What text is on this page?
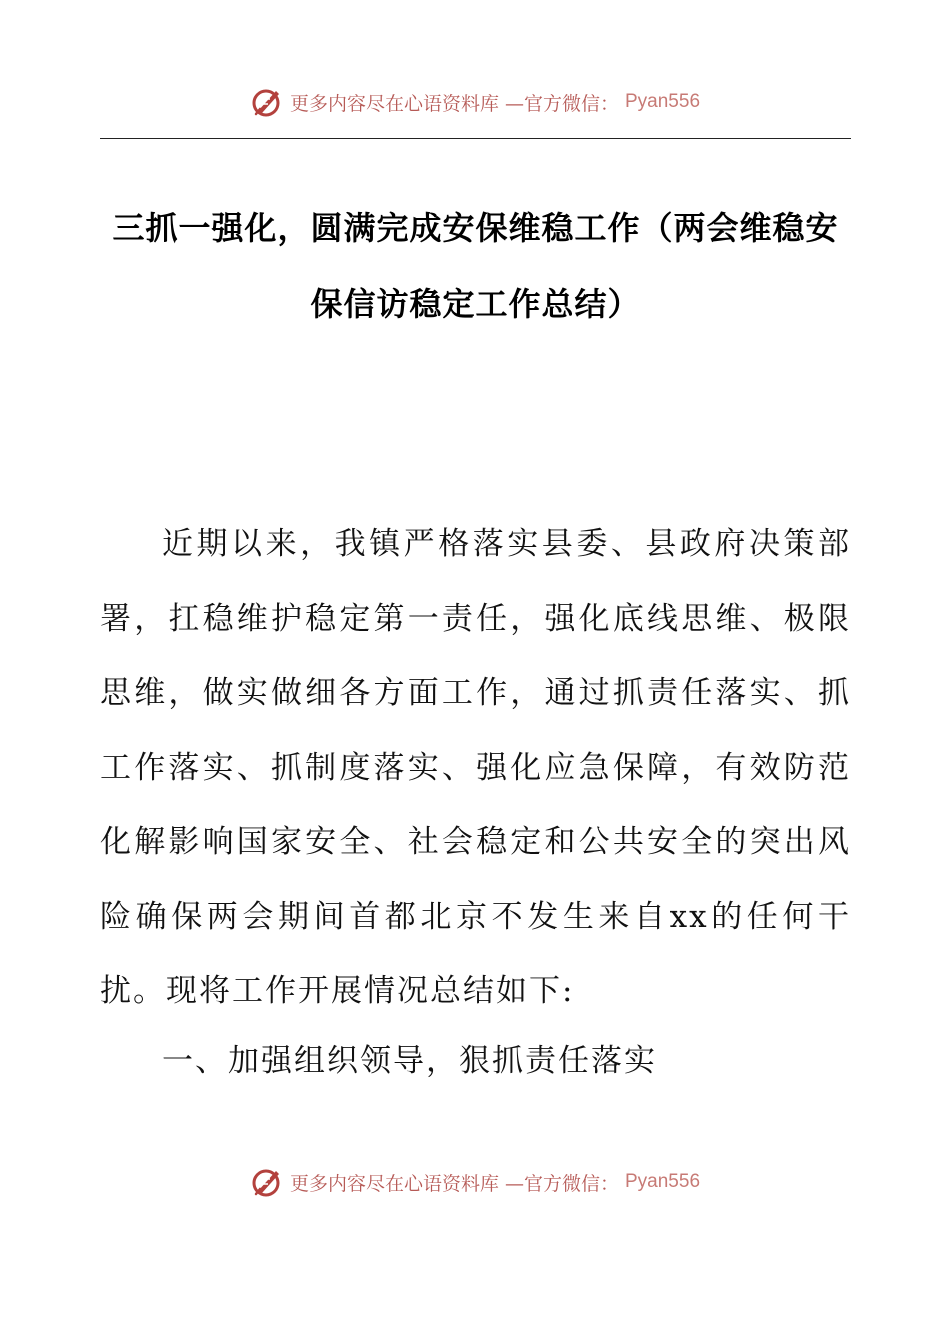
更多内容尽在心语资料库 —官方微信： Pyan556
三抓一强化，圆满完成安保维稳工作（两会维稳安保信访稳定工作总结）

近期以来，我镇严格落实县委、县政府决策部署，扛稳维护稳定第一责任，强化底线思维、极限思维，做实做细各方面工作，通过抓责任落实、抓工作落实、抓制度落实、强化应急保障，有效防范化解影响国家安全、社会稳定和公共安全的突出风险确保两会期间首都北京不发生来自xx的任何干扰。现将工作开展情况总结如下:

一、加强组织领导，狠抓责任落实

更多内容尽在心语资料库 —官方微信： Pyan556
